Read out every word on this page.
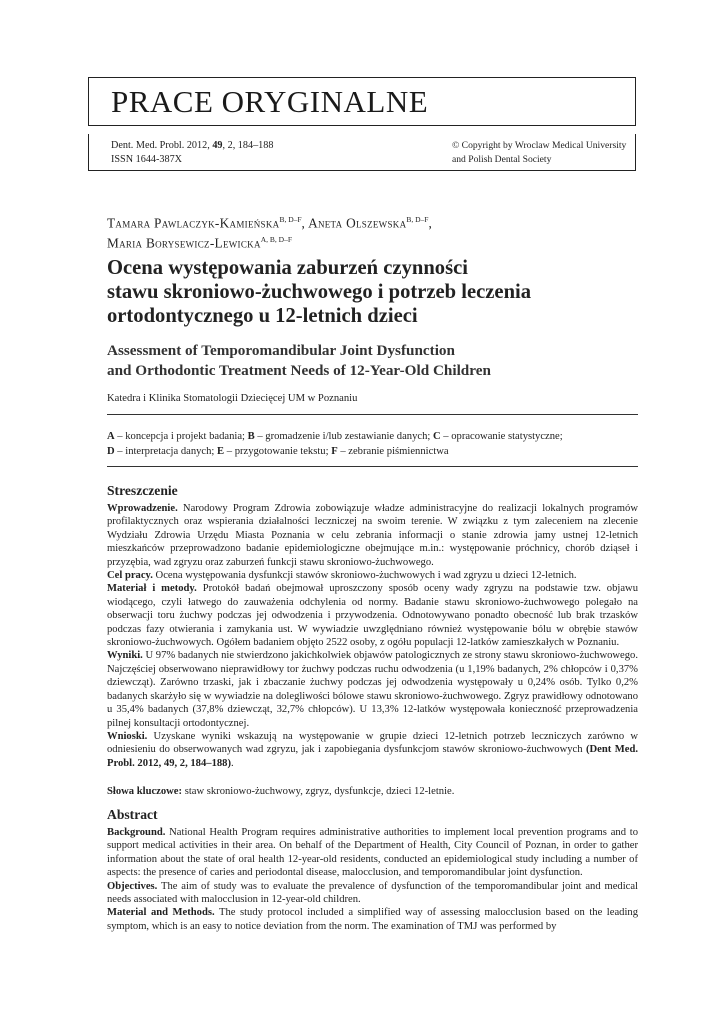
PRACE ORYGINALNE
Dent. Med. Probl. 2012, 49, 2, 184–188
ISSN 1644-387X
© Copyright by Wroclaw Medical University
and Polish Dental Society
Tamara Pawlaczyk-Kamieńska$^{B, D-F}$, Aneta Olszewska$^{B, D-F}$,
Maria Borysewicz-Lewicka$^{A, B, D-F}$
Ocena występowania zaburzeń czynności
stawu skroniowo-żuchwowego i potrzeb leczenia
ortodontycznego u 12-letnich dzieci
Assessment of Temporomandibular Joint Dysfunction
and Orthodontic Treatment Needs of 12-Year-Old Children
Katedra i Klinika Stomatologii Dziecięcej UM w Poznaniu
A – koncepcja i projekt badania; B – gromadzenie i/lub zestawianie danych; C – opracowanie statystyczne;
D – interpretacja danych; E – przygotowanie tekstu; F – zebranie piśmiennictwa
Streszczenie

Wprowadzenie. Narodowy Program Zdrowia zobowiązuje władze administracyjne do realizacji lokalnych programów profilaktycznych oraz wspierania działalności leczniczej na swoim terenie. W związku z tym zaleceniem na zlecenie Wydziału Zdrowia Urzędu Miasta Poznania w celu zebrania informacji o stanie zdrowia jamy ustnej 12-letnich mieszkańców przeprowadzono badanie epidemiologiczne obejmujące m.in.: występowanie próchnicy, chorób dziąseł i przyzębia, wad zgryzu oraz zaburzeń funkcji stawu skroniowo-żuchwowego.

Cel pracy. Ocena występowania dysfunkcji stawów skroniowo-żuchwowych i wad zgryzu u dzieci 12-letnich.

Materiał i metody. Protokół badań obejmował uproszczony sposób oceny wady zgryzu na podstawie tzw. objawu wiodącego, czyli łatwego do zauważenia odchylenia od normy. Badanie stawu skroniowo-żuchwowego polegało na obserwacji toru żuchwy podczas jej odwodzenia i przywodzenia. Odnotowywano ponadto obecność lub brak trzasków podczas fazy otwierania i zamykania ust. W wywiadzie uwzględniano również występowanie bólu w obrębie stawów skroniowo-żuchwowych. Ogółem badaniem objęto 2522 osoby, z ogółu populacji 12-latków zamieszkałych w Poznaniu.

Wyniki. U 97% badanych nie stwierdzono jakichkolwiek objawów patologicznych ze strony stawu skroniowo-żuchwowego. Najczęściej obserwowano nieprawidłowy tor żuchwy podczas ruchu odwodzenia (u 1,19% badanych, 2% chłopców i 0,37% dziewcząt). Zarówno trzaski, jak i zbaczanie żuchwy podczas jej odwodzenia występowały u 0,24% osób. Tylko 0,2% badanych skarżyło się w wywiadzie na dolegliwości bólowe stawu skroniowo-żuchwowego. Zgryz prawidłowy odnotowano u 35,4% badanych (37,8% dziewcząt, 32,7% chłopców). U 13,3% 12-latków występowała konieczność przeprowadzenia pilnej konsultacji ortodontycznej.

Wnioski. Uzyskane wyniki wskazują na występowanie w grupie dzieci 12-letnich potrzeb leczniczych zarówno w odniesieniu do obserwowanych wad zgryzu, jak i zapobiegania dysfunkcjom stawów skroniowo-żuchwowych (Dent Med. Probl. 2012, 49, 2, 184–188).

Słowa kluczowe: staw skroniowo-żuchwowy, zgryz, dysfunkcje, dzieci 12-letnie.
Abstract

Background. National Health Program requires administrative authorities to implement local prevention programs and to support medical activities in their area. On behalf of the Department of Health, City Council of Poznan, in order to gather information about the state of oral health 12-year-old residents, conducted an epidemiological study including a number of aspects: the presence of caries and periodontal disease, malocclusion, and temporomandibular joint dysfunction.

Objectives. The aim of study was to evaluate the prevalence of dysfunction of the temporomandibular joint and medical needs associated with malocclusion in 12-year-old children.

Material and Methods. The study protocol included a simplified way of assessing malocclusion based on the leading symptom, which is an easy to notice deviation from the norm. The examination of TMJ was performed by
